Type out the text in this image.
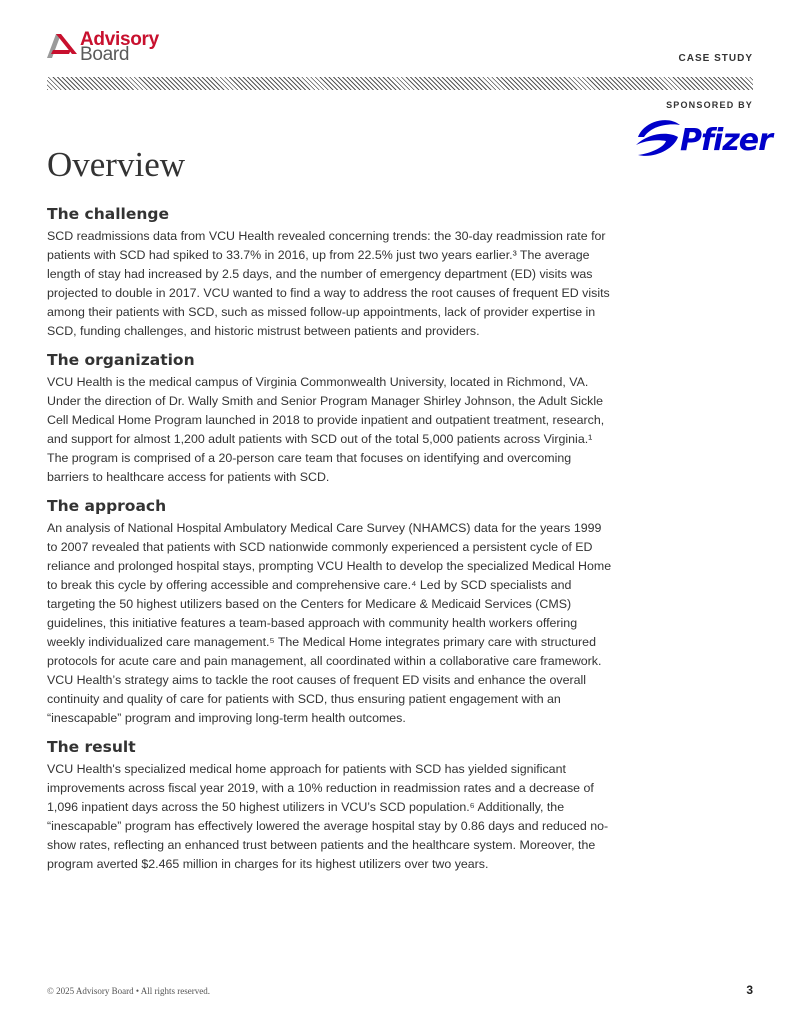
Advisory
Board	CASE STUDY
SPONSORED BY
Pfizer
Overview
The challenge

SCD readmissions data from VCU Health revealed concerning trends: the 30-day readmission rate for patients with SCD had spiked to 33.7% in 2016, up from 22.5% just two years earlier.³ The average length of stay had increased by 2.5 days, and the number of emergency department (ED) visits was projected to double in 2017. VCU wanted to find a way to address the root causes of frequent ED visits among their patients with SCD, such as missed follow-up appointments, lack of provider expertise in SCD, funding challenges, and historic mistrust between patients and providers.

The organization

VCU Health is the medical campus of Virginia Commonwealth University, located in Richmond, VA. Under the direction of Dr. Wally Smith and Senior Program Manager Shirley Johnson, the Adult Sickle Cell Medical Home Program launched in 2018 to provide inpatient and outpatient treatment, research, and support for almost 1,200 adult patients with SCD out of the total 5,000 patients across Virginia.¹ The program is comprised of a 20-person care team that focuses on identifying and overcoming barriers to healthcare access for patients with SCD.

The approach

An analysis of National Hospital Ambulatory Medical Care Survey (NHAMCS) data for the years 1999 to 2007 revealed that patients with SCD nationwide commonly experienced a persistent cycle of ED reliance and prolonged hospital stays, prompting VCU Health to develop the specialized Medical Home to break this cycle by offering accessible and comprehensive care.⁴ Led by SCD specialists and targeting the 50 highest utilizers based on the Centers for Medicare & Medicaid Services (CMS) guidelines, this initiative features a team-based approach with community health workers offering weekly individualized care management.⁵ The Medical Home integrates primary care with structured protocols for acute care and pain management, all coordinated within a collaborative care framework. VCU Health’s strategy aims to tackle the root causes of frequent ED visits and enhance the overall continuity and quality of care for patients with SCD, thus ensuring patient engagement with an “inescapable” program and improving long-term health outcomes.

The result

VCU Health's specialized medical home approach for patients with SCD has yielded significant improvements across fiscal year 2019, with a 10% reduction in readmission rates and a decrease of 1,096 inpatient days across the 50 highest utilizers in VCU’s SCD population.⁶ Additionally, the “inescapable” program has effectively lowered the average hospital stay by 0.86 days and reduced no-show rates, reflecting an enhanced trust between patients and the healthcare system. Moreover, the program averted $2.465 million in charges for its highest utilizers over two years.

© 2025 Advisory Board • All rights reserved.	3
